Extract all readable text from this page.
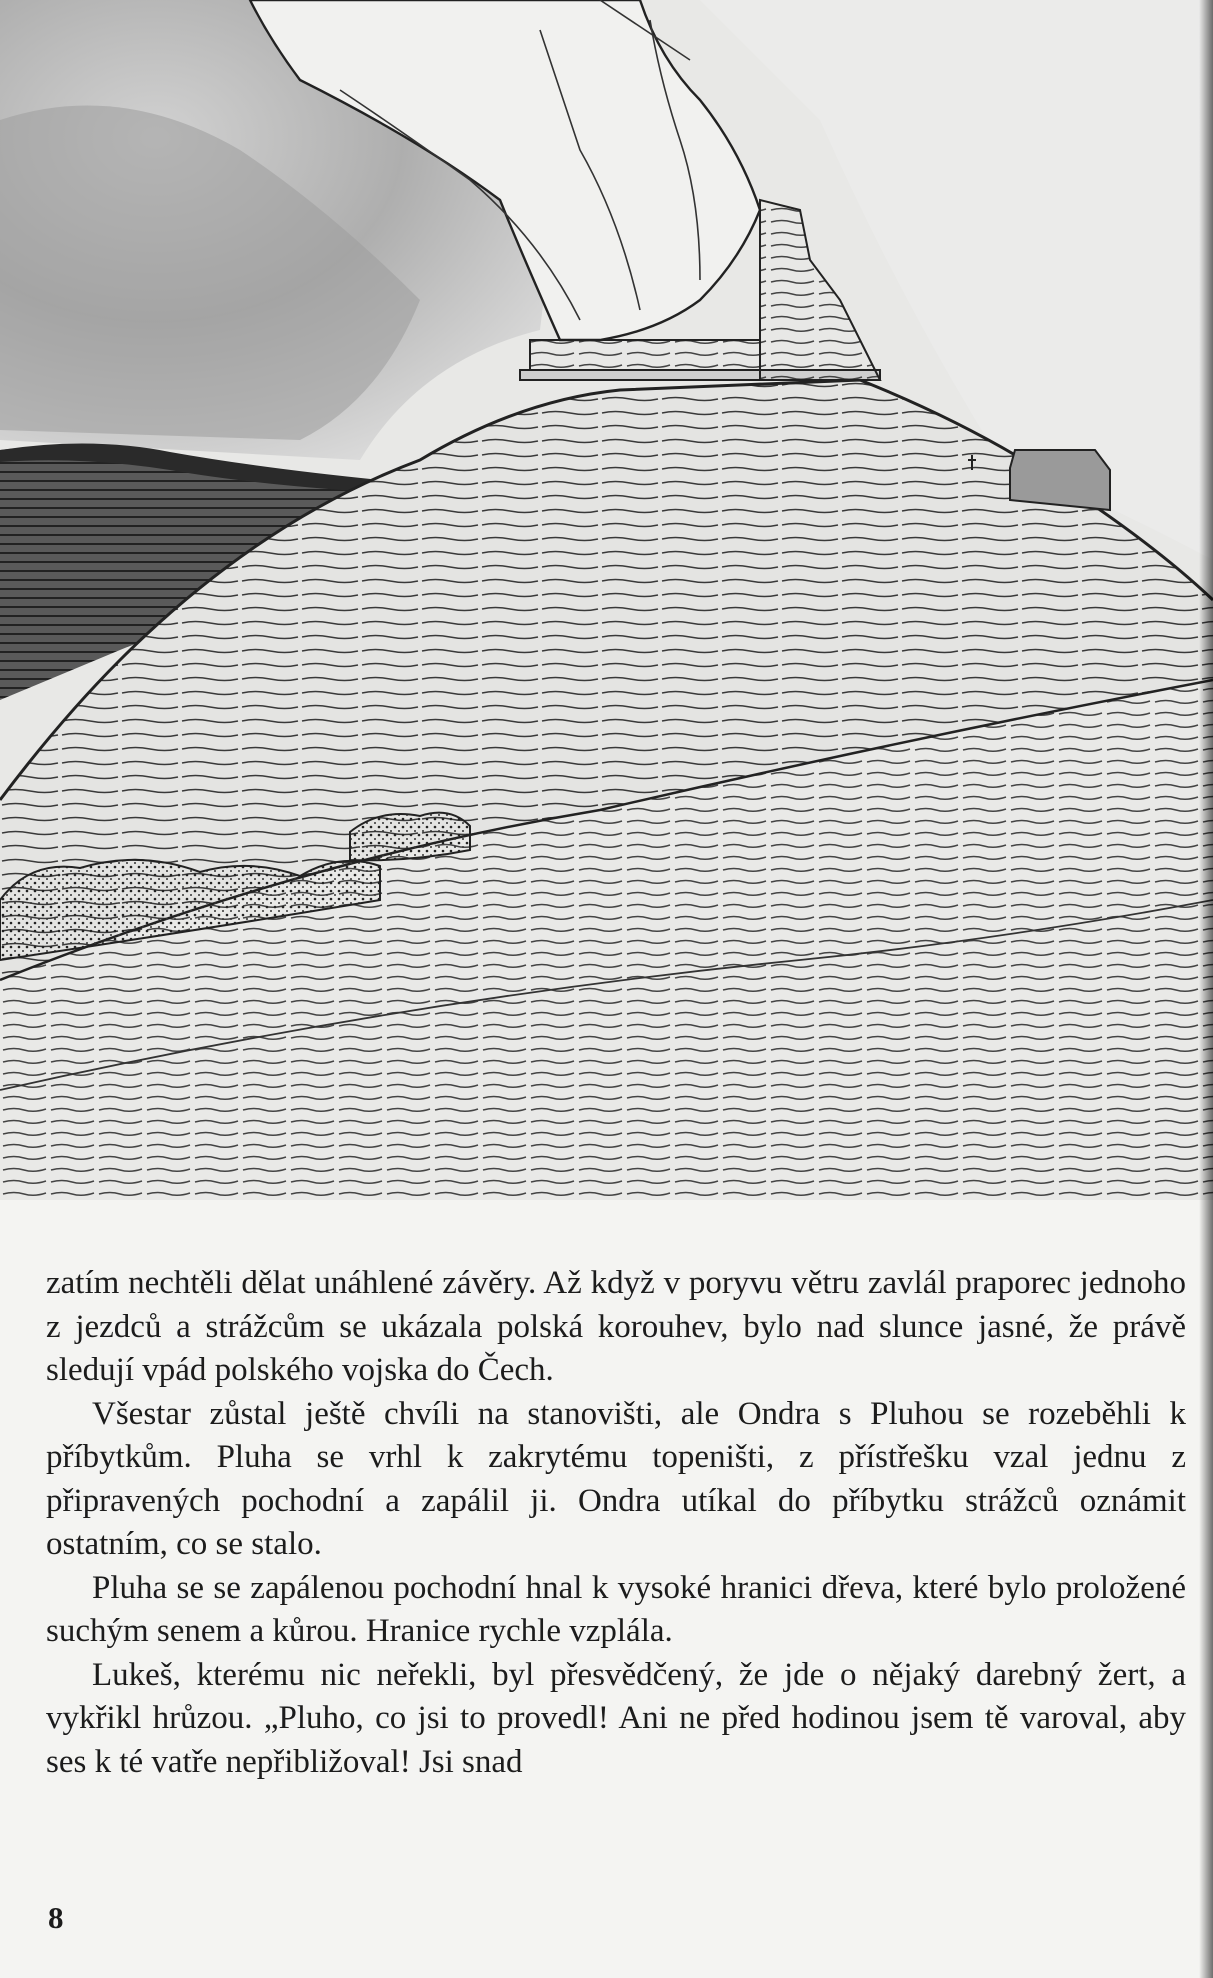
zatím nechtěli dělat unáhlené závěry. Až když v poryvu větru zavlál praporec jednoho z jezdců a strážcům se ukázala polská korouhev, bylo nad slunce jasné, že právě sledují vpád polského vojska do Čech.

Všestar zůstal ještě chvíli na stanovišti, ale Ondra s Pluhou se rozeběhli k příbytkům. Pluha se vrhl k zakrytému topeništi, z přístřešku vzal jednu z připravených pochodní a zapálil ji. Ondra utíkal do příbytku strážců oznámit ostatním, co se stalo.

Pluha se se zapálenou pochodní hnal k vysoké hranici dřeva, které bylo proložené suchým senem a kůrou. Hranice rychle vzplála.

Lukeš, kterému nic neřekli, byl přesvědčený, že jde o nějaký darebný žert, a vykřikl hrůzou. „Pluho, co jsi to provedl! Ani ne před hodinou jsem tě varoval, aby ses k té vatře nepřibližoval! Jsi snad

8
